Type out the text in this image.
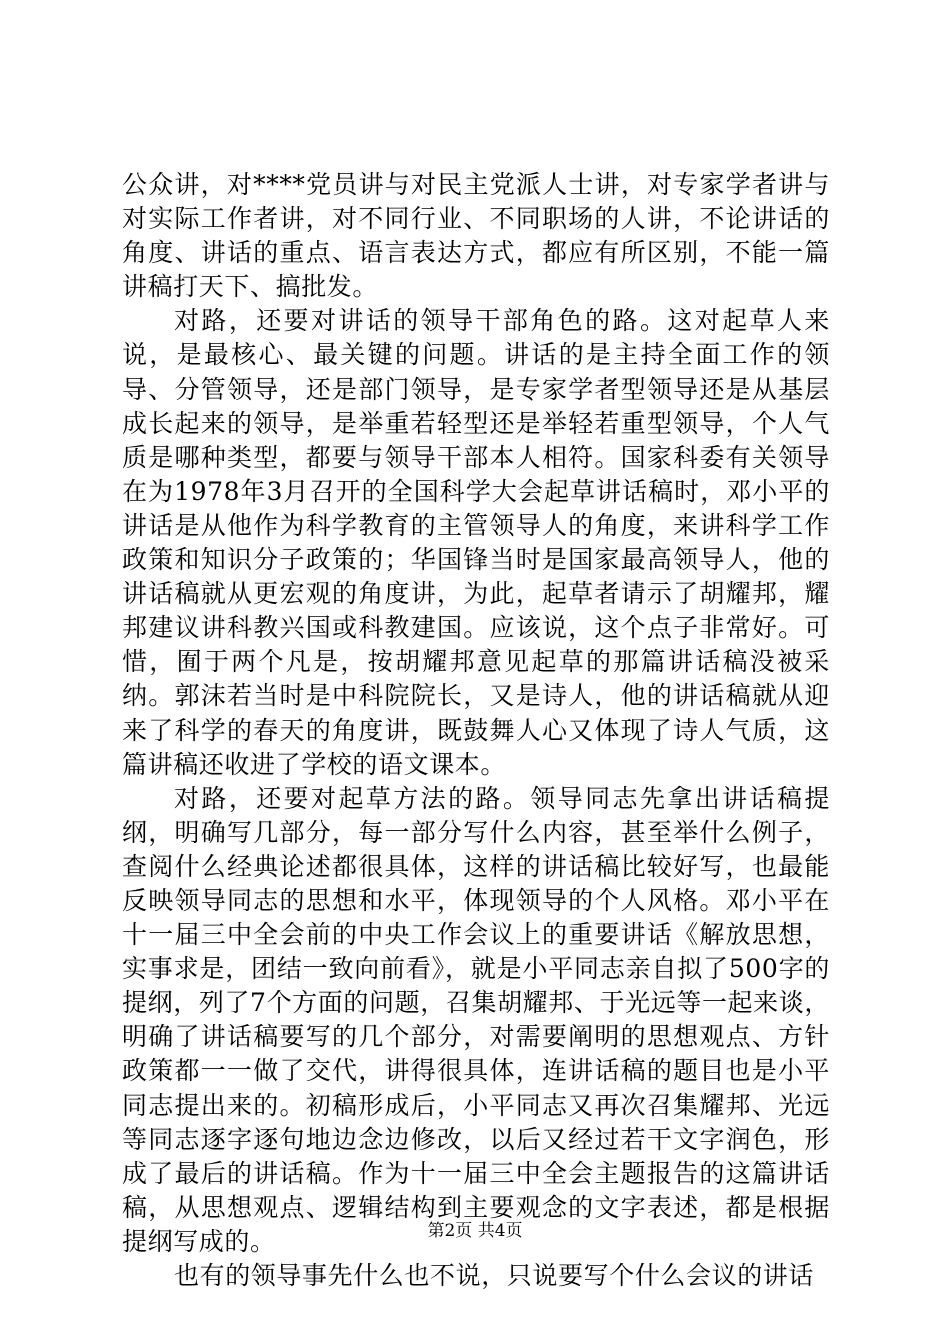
公众讲，对****党员讲与对民主党派人士讲，对专家学者讲与对实际工作者讲，对不同行业、不同职场的人讲，不论讲话的角度、讲话的重点、语言表达方式，都应有所区别，不能一篇讲稿打天下、搞批发。

对路，还要对讲话的领导干部角色的路。这对起草人来说，是最核心、最关键的问题。讲话的是主持全面工作的领导、分管领导，还是部门领导，是专家学者型领导还是从基层成长起来的领导，是举重若轻型还是举轻若重型领导，个人气质是哪种类型，都要与领导干部本人相符。国家科委有关领导在为1978年3月召开的全国科学大会起草讲话稿时，邓小平的讲话是从他作为科学教育的主管领导人的角度，来讲科学工作政策和知识分子政策的；华国锋当时是国家最高领导人，他的讲话稿就从更宏观的角度讲，为此，起草者请示了胡耀邦，耀邦建议讲科教兴国或科教建国。应该说，这个点子非常好。可惜，囿于两个凡是，按胡耀邦意见起草的那篇讲话稿没被采纳。郭沫若当时是中科院院长，又是诗人，他的讲话稿就从迎来了科学的春天的角度讲，既鼓舞人心又体现了诗人气质，这篇讲稿还收进了学校的语文课本。

对路，还要对起草方法的路。领导同志先拿出讲话稿提纲，明确写几部分，每一部分写什么内容，甚至举什么例子，查阅什么经典论述都很具体，这样的讲话稿比较好写，也最能反映领导同志的思想和水平，体现领导的个人风格。邓小平在十一届三中全会前的中央工作会议上的重要讲话《解放思想，实事求是，团结一致向前看》，就是小平同志亲自拟了500字的提纲，列了7个方面的问题，召集胡耀邦、于光远等一起来谈，明确了讲话稿要写的几个部分，对需要阐明的思想观点、方针政策都一一做了交代，讲得很具体，连讲话稿的题目也是小平同志提出来的。初稿形成后，小平同志又再次召集耀邦、光远等同志逐字逐句地边念边修改，以后又经过若干文字润色，形成了最后的讲话稿。作为十一届三中全会主题报告的这篇讲话稿，从思想观点、逻辑结构到主要观念的文字表述，都是根据提纲写成的。

也有的领导事先什么也不说，只说要写个什么会议的讲话

第2页 共4页
